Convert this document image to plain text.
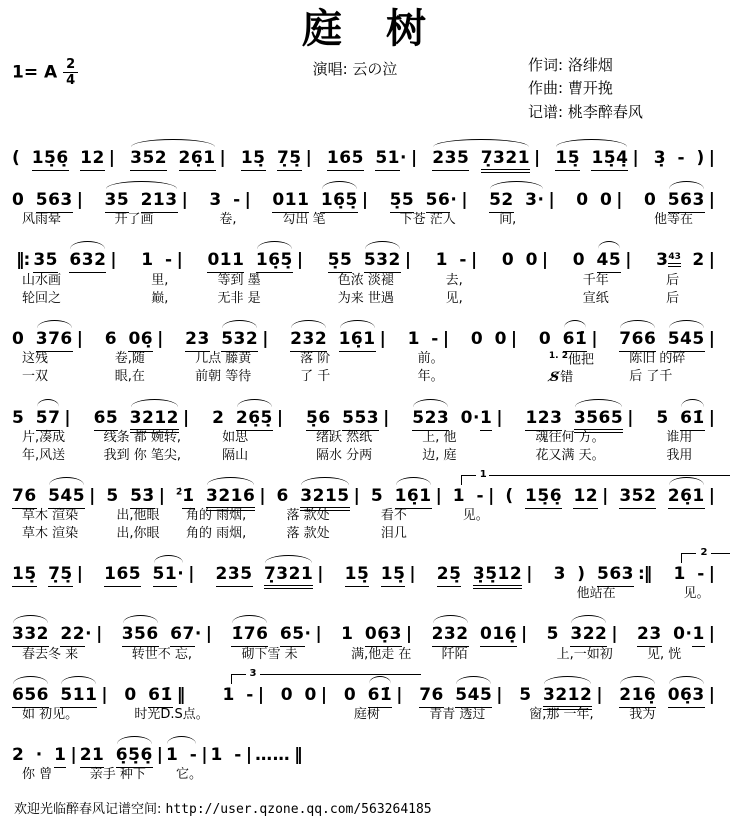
庭　树
1= A $\frac{2}{4}$	演唱: 云の泣	作词: 洛绯烟
作曲: 曹开挽
记谱: 桃李醉春风
( 15̣6̣ 12 | 352 26̣1 | 15̣ 7̣5̣ | 165 51· | 235 7̣321 | 15̣ 15̣4̣ | 3̣ - ) |
0 563 |
风雨晕
35 213 |
开了画
3 - |
卷,
011 16̣5̣ |
勾出 笔
5̣5 56· |
下苍 茫人
52 3· |
间,
0 0 | 0 563 |
他等在
‖: 35 632 |
山水画
轮回之
1 - |
里,
巅,
011 16̣5̣ |
等到 墨
无非 是
5̣5 532 |
色浓 淡褪
为来 世遇
1 - |
去,
见,
0 0 | 0 45 |
千年
宣纸
$3^{43}$ 2 |
后
后
0 376 |
这残
一双
6 06̣ |
卷,随
眼,在
23 532 |
几点 藤黄
前朝 等待
232 16̣1 |
落 阶
了 千
1 - |
前。
年。
0 0 | 0 61̇ |
$^{1. 2}$他把
S̸错
766 545 |
陈旧 的碎
后 了千
5 57 |
片,凑成
年,风送
65 3212 |
线条 都 婉转,
我到 你 笔尖,
2 26̣5̣ |
如思
隔山
5̣6 553 |
绪跃 然纸
隔水 分两
523 0·1 |
上, 他
边, 庭
123 3565 |
魂往何 方。
花又满 天。
5 61̇ |
谁用
我用
76 545 |
草木 渲染
草木 渲染
5 53̇ |
出,他眼
出,你眼
$^{2̇}$1̇ 3216 |
角的 雨烟,
角的 雨烟,
6 3215 |
落 款处
落 款处
5 16̣1 |
看不
泪几
1
1 - |
见。
( 15̣6̣ 12 | 352 26̣1 |
15̣ 7̣5̣ | 165 51· | 235 7̣321 | 15̣ 15̣ | 25̣ 3̣5̣12 | 3 ) 563 :‖
　他站在
2
1 - |
见。
332 22· |
春去冬 来
356 67· |
转世不 忘,
1̇76 65· |
砌下雪 未
1 06̣3 |
满,他走 在
232 016̣ |
阡陌
5 322 |
上,一如初
23 0·1 |
见, 恍
656 511 |
如 初见。
0 61̇ ‖
时光D.S点。
3
1 - | 0 0 | 0 61̇ |
庭树
76 545 |
青青 透过
5 3212 |
窗,那 一年,
216̣ 06̣3 |
我为
2 · 1 |
你 曾
21 6̣5̣6̣ |
亲手 种下
1 - |
它。
1 - | …… ‖
欢迎光临醉春风记谱空间: http://user.qzone.qq.com/563264185
